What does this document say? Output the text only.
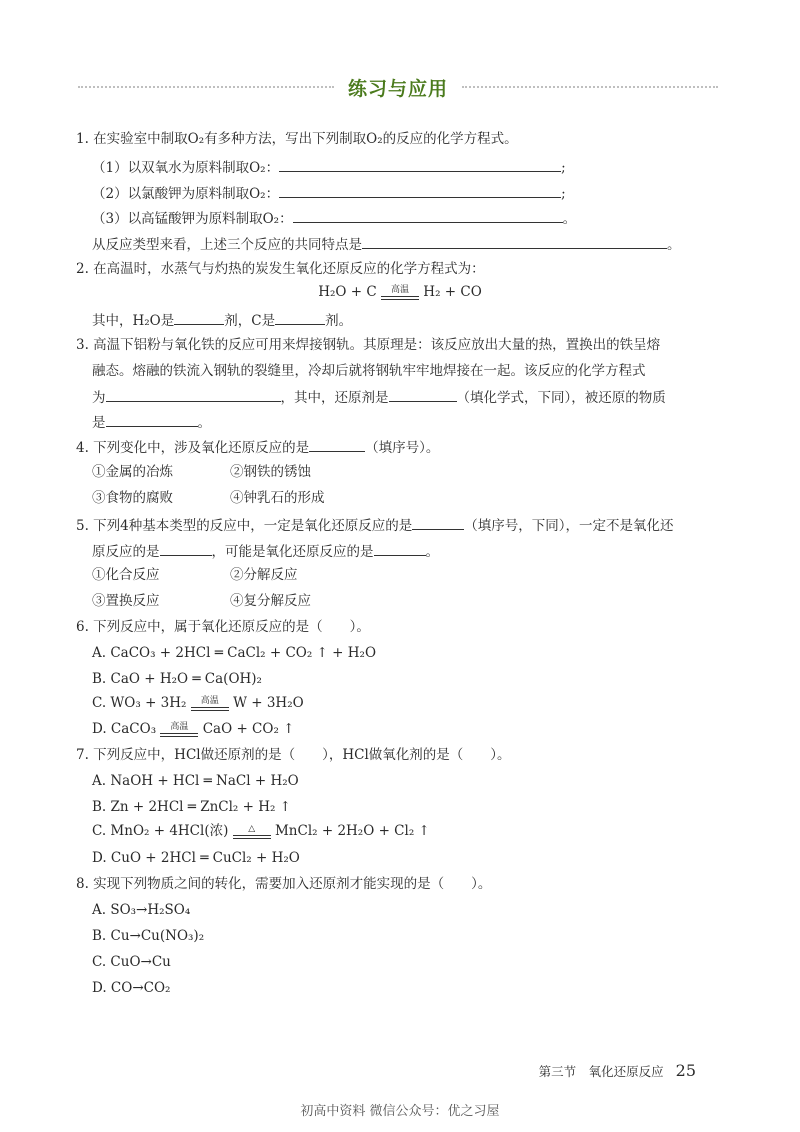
练习与应用
1. 在实验室中制取O₂有多种方法，写出下列制取O₂的反应的化学方程式。
（1）以双氧水为原料制取O₂：	;
（2）以氯酸钾为原料制取O₂：	;
（3）以高锰酸钾为原料制取O₂：	。
从反应类型来看，上述三个反应的共同特点是	。
2. 在高温时，水蒸气与灼热的炭发生氧化还原反应的化学方程式为：
H₂O + C	高温	H₂ + CO
其中，H₂O是	剂，C是	剂。
3. 高温下铝粉与氧化铁的反应可用来焊接钢轨。其原理是：该反应放出大量的热，置换出的铁呈熔
融态。熔融的铁流入钢轨的裂缝里，冷却后就将钢轨牢牢地焊接在一起。该反应的化学方程式
为	，其中，还原剂是	（填化学式，下同），被还原的物质
是	。
4. 下列变化中，涉及氧化还原反应的是	（填序号）。
①金属的冶炼	②钢铁的锈蚀
③食物的腐败	④钟乳石的形成
5. 下列4种基本类型的反应中，一定是氧化还原反应的是	（填序号，下同），一定不是氧化还
原反应的是	，可能是氧化还原反应的是	。
①化合反应	②分解反应
③置换反应	④复分解反应
6. 下列反应中，属于氧化还原反应的是（　　）。
A. CaCO₃ + 2HCl ═ CaCl₂ + CO₂ ↑ + H₂O
B. CaO + H₂O ═ Ca(OH)₂
C. WO₃ + 3H₂	高温	W + 3H₂O
D. CaCO₃	高温	CaO + CO₂ ↑
7. 下列反应中，HCl做还原剂的是（　　），HCl做氧化剂的是（　　）。
A. NaOH + HCl ═ NaCl + H₂O
B. Zn + 2HCl ═ ZnCl₂ + H₂ ↑
C. MnO₂ + 4HCl(浓)	△	MnCl₂ + 2H₂O + Cl₂ ↑
D. CuO + 2HCl ═ CuCl₂ + H₂O
8. 实现下列物质之间的转化，需要加入还原剂才能实现的是（　　）。
A. SO₃→H₂SO₄
B. Cu→Cu(NO₃)₂
C. CuO→Cu
D. CO→CO₂
第三节　氧化还原反应 25
初高中资料 微信公众号：优之习屋
